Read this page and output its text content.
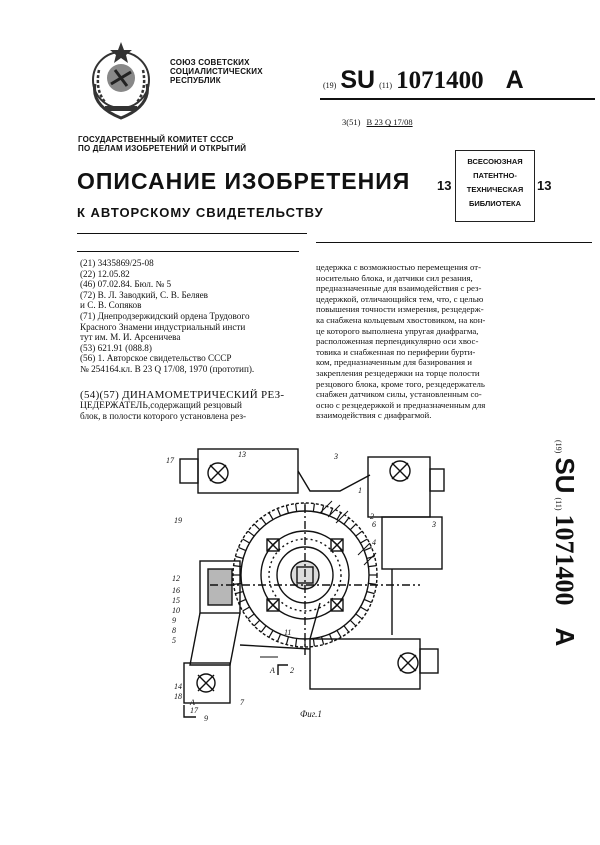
СОЮЗ СОВЕТСКИХ
СОЦИАЛИСТИЧЕСКИХ
РЕСПУБЛИК
(19) SU (11) 1071400 A
3(51) B 23 Q 17/08
ГОСУДАРСТВЕННЫЙ КОМИТЕТ СССР
ПО ДЕЛАМ ИЗОБРЕТЕНИЙ И ОТКРЫТИЙ
ОПИСАНИЕ ИЗОБРЕТЕНИЯ
К АВТОРСКОМУ СВИДЕТЕЛЬСТВУ
13
ВСЕСОЮЗНАЯ
ПАТЕНТНО-
ТЕХНИЧЕСКАЯ
БИБЛИОТЕКА
13
(21) 3435869/25-08
(22) 12.05.82
(46) 07.02.84. Бюл. № 5
(72) В. Л. Заводкий, С. В. Беляев
и С. В. Сопяков
(71) Днепродзержидский ордена Трудового
Красного Знамени индустриальный инсти
тут им. М. И. Арсеничева
(53) 621.91 (088.8)
(56) 1. Авторское свидетельство СССР
№ 254164.кл. В 23 Q 17/08, 1970 (прототип).
(54)(57) ДИНАМОМЕТРИЧЕСКИЙ РЕЗ-
ЦЕДЕРЖАТЕЛЬ,содержащий резцовый
блок, в полости которого установлена рез-
цедержка с возможностью перемещения от-
носительно блока, и датчики сил резания,
предназначенные для взаимодействия с рез-
цедержкой, отличающийся тем, что, с целью
повышения точности измерения, резцедерж-
ка снабжена кольцевым хвостовиком, на кон-
це которого выполнена упругая диафрагма,
расположенная перпендикулярно оси хвос-
товика и снабженная по периферии бурти-
ком, предназначенным для базирования и
закрепления резцедержки на торце полости
резцового блока, кроме того, резцедержатель
снабжен датчиком силы, установленным со-
осно с резцедержкой и предназначенным для
взаимодействия с диафрагмой.
(19) SU (11) 1071400 A
17
13
19
12
16
15
10
9
8
5
18
14
17
9
7
3
1
2
6
4
3
2
11
A
A
Фиг.1
